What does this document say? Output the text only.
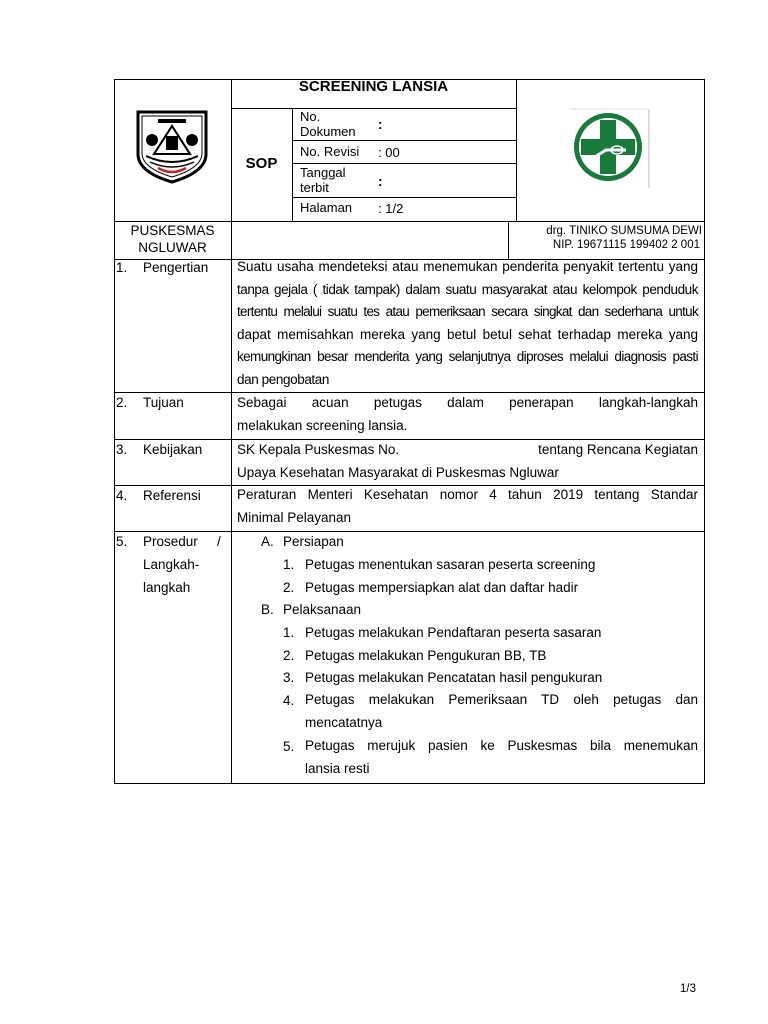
SCREENING LANSIA
SOP
No.
Dokumen :
No. Revisi : 00
Tanggal
terbit	:
Halaman : 1/2
PUSKESMAS
NGLUWAR
drg. TINIKO SUMSUMA DEWI
NIP. 19671115 199402 2 001
1. Pengertian Suatu usaha mendeteksi atau menemukan penderita penyakit tertentu yang
tanpa gejala ( tidak tampak) dalam suatu masyarakat atau kelompok penduduk
tertentu melalui suatu tes atau pemeriksaan secara singkat dan sederhana untuk
dapat memisahkan mereka yang betul betul sehat terhadap mereka yang
kemungkinan besar menderita yang selanjutnya diproses melalui diagnosis pasti
dan pengobatan
2. Tujuan	Sebagai acuan petugas dalam penerapan langkah-langkah
melakukan screening lansia.
3. Kebijakan	SK Kepala Puskesmas No.	tentang Rencana Kegiatan
Upaya Kesehatan Masyarakat di Puskesmas Ngluwar
4. Referensi	Peraturan Menteri Kesehatan nomor 4 tahun 2019 tentang Standar
Minimal Pelayanan
5. Prosedur /
Langkah-
langkah
A. Persiapan
1. Petugas menentukan sasaran peserta screening
2. Petugas mempersiapkan alat dan daftar hadir
B. Pelaksanaan
1. Petugas melakukan Pendaftaran peserta sasaran
2. Petugas melakukan Pengukuran BB, TB
3. Petugas melakukan Pencatatan hasil pengukuran
4. Petugas melakukan Pemeriksaan TD oleh petugas dan
mencatatnya
5. Petugas merujuk pasien ke Puskesmas bila menemukan
lansia resti
1/3
